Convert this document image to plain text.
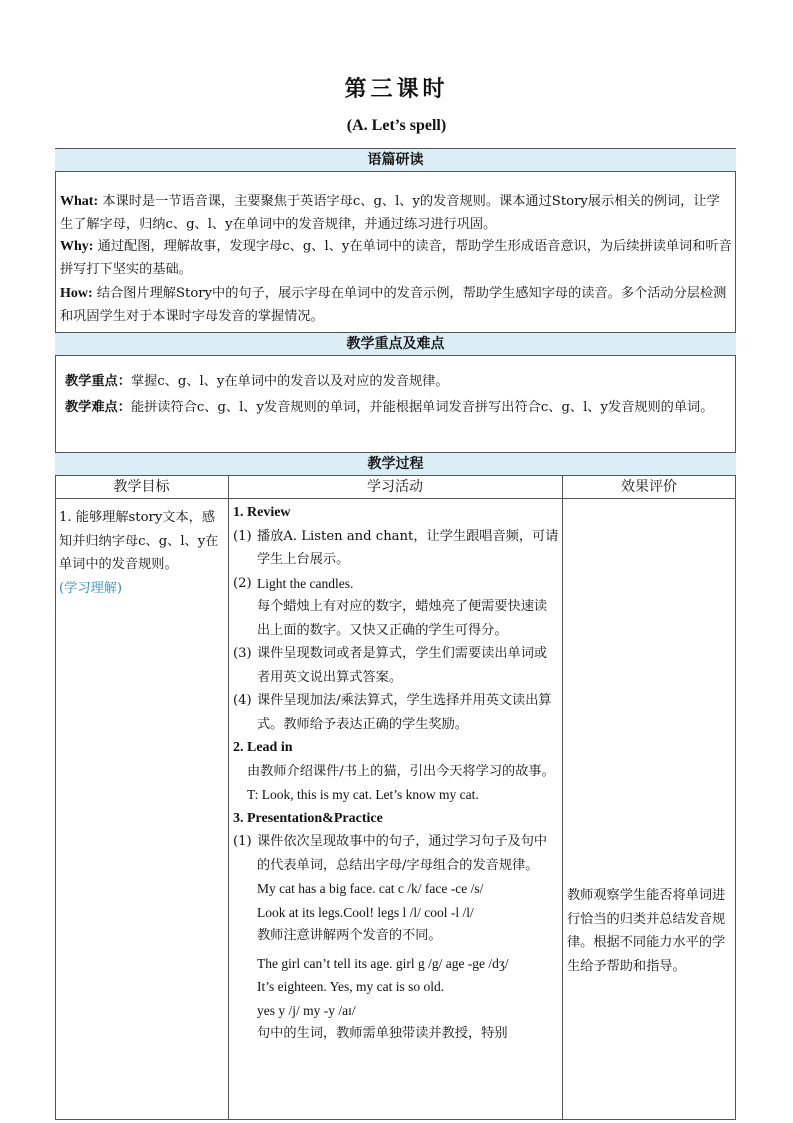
第三课时
(A. Let’s spell)
语篇研读
What: 本课时是一节语音课，主要聚焦于英语字母c、g、l、y的发音规则。课本通过Story展示相关的例词，让学生了解字母，归纳c、g、l、y在单词中的发音规律，并通过练习进行巩固。
Why: 通过配图，理解故事，发现字母c、g、l、y在单词中的读音，帮助学生形成语音意识，为后续拼读单词和听音拼写打下坚实的基础。
How: 结合图片理解Story中的句子，展示字母在单词中的发音示例，帮助学生感知字母的读音。多个活动分层检测和巩固学生对于本课时字母发音的掌握情况。
教学重点及难点
教学重点：掌握c、g、l、y在单词中的发音以及对应的发音规律。
教学难点：能拼读符合c、g、l、y发音规则的单词，并能根据单词发音拼写出符合c、g、l、y发音规则的单词。
教学过程
教学目标	学习活动	效果评价
1. 能够理解story文本，感知并归纳字母c、g、l、y在单词中的发音规则。
(学习理解)
1. Review
(1) 播放A. Listen and chant，让学生跟唱音频，可请学生上台展示。
(2) Light the candles.
每个蜡烛上有对应的数字，蜡烛亮了便需要快速读出上面的数字。又快又正确的学生可得分。
(3) 课件呈现数词或者是算式，学生们需要读出单词或者用英文说出算式答案。
(4) 课件呈现加法/乘法算式，学生选择并用英文读出算式。教师给予表达正确的学生奖励。
2. Lead in
由教师介绍课件/书上的猫，引出今天将学习的故事。
T: Look, this is my cat. Let’s know my cat.
3. Presentation&Practice
(1) 课件依次呈现故事中的句子，通过学习句子及句中的代表单词，总结出字母/字母组合的发音规律。
My cat has a big face. cat c /k/ face -ce /s/
Look at its legs.Cool! legs l /l/ cool -l /l/
教师注意讲解两个发音的不同。
The girl can’t tell its age. girl g /g/ age -ge /dʒ/
It’s eighteen. Yes, my cat is so old.
yes y /j/ my -y /aɪ/
句中的生词，教师需单独带读并教授，特别
教师观察学生能否将单词进行恰当的归类并总结发音规律。根据不同能力水平的学生给予帮助和指导。
